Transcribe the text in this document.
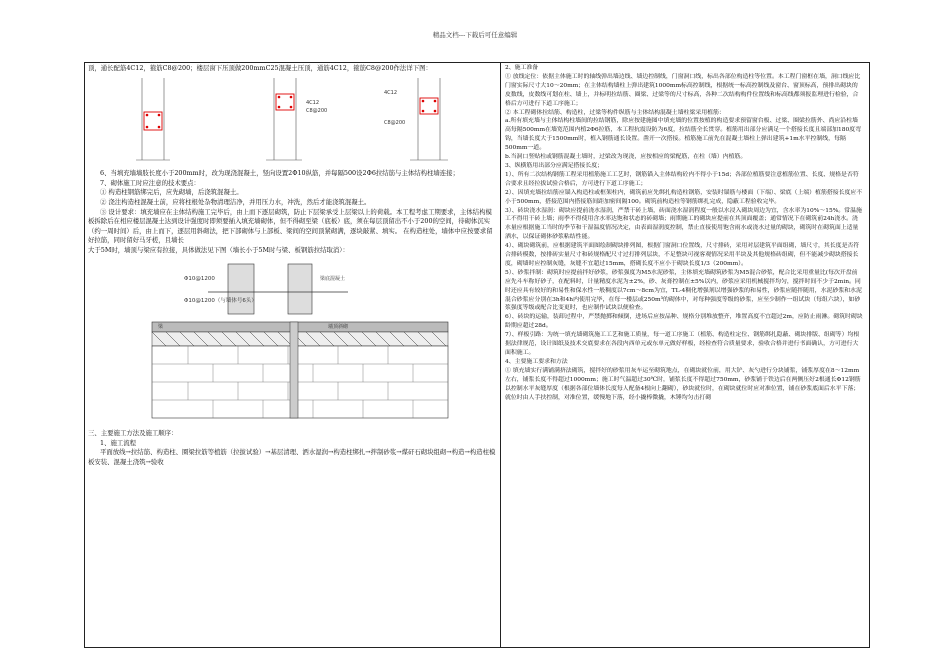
精品文档---下载后可任意编辑

顶，通长配筋4C12，箍筋C8@200；楼层窗下压顶做200mmC25混凝土压顶，通筋4C12，箍筋C8@200作法详下图：

4C12
C8@200
4C12
C8@200

6、当填充墙墙肢长度小于200mm时，改为现浇混凝土，竖向设置2Φ10纵筋，并每隔500设2Φ6拉结筋与主体结构柱墙连接；

7、砌体施工时应注意的技术要点：

① 构造柱钢筋绑完后，应先砌墙，后浇筑混凝土。

② 浇注构造柱混凝土前，应将柱根处杂物清理洁净，并用压力水，冲洗，然后才能浇筑混凝土。

③ 设计要求：填充墙应在主体结构施工完毕后，由上而下逐层砌筑，防止下层梁承受上层梁以上的荷载。本工程考虑工期要求，主体结构模板拆除后在相应楼层混凝土达到设计强度时即须要插入填充墙砌体，但不得砌至梁（底板）底，须在每层顶留出不小于200的空间，待砌体沉实（约一周时间）后，由上而下，逐层用斜砌法，把下部砌体与上部板、梁间的空间顶紧砌满，逐块敲紧、填实。 在构造柱处，墙体中应按要求留好拉筋，同时留好马牙槎，且墙长

大于5M时，墙顶与梁应有拉接，具体做法见下图（墙长小于5M时与梁、板钢筋拉结取消）：

Φ10@1200
Φ10@1200（与墙体号6头）
梁底混凝土
梁	墙顶斜砌

三、主要施工方法及施工顺序：

1、施工流程

平面放线→拉结筋、构造柱、圈梁拉筋等植筋（拉拔试验）→基层清理、洒水湿润→构造柱绑扎→拌制砂浆→煤矸石砌块组砌→构造→构造柱模板安装、混凝土浇筑→验收

2、施工准备

① 放线定位：依据主体施工时的轴线弹出墙边线、墙边控制线，门窗洞口线，标出各部位构造柱等位置。本工程门窗框在墙，洞口线应比门窗实际尺寸大10～20mm；在主体结构墙柱上弹出建筑1000mm标高控制线，根据统一标高控制线及窗台、窗顶标高，预排出砌块的皮数线，皮数线可划在柱、墙上，并标明拉结筋、圈梁、过梁等的尺寸标高，各种二次结构构件位置线和标高线都须报监理进行检验，合格后方可进行下道工序施工；

② 本工程砌体拉结筋、构造柱，过梁等构件纵筋与主体结构混凝土墙柱梁采用植筋：

a.所有填充墙与主体结构柱墙间的拉结钢筋，除应按建施图中填充墙的位置按植的构造要求预留窗台板、过梁、圈梁拉筋外、尚应沿柱墙高每隔500mm在墙宽范围内植2Φ6拉筋，本工程抗震设防为6度，拉结筋全长贯穿。植筋用出部分应满足一个搭接长度且端部加180度弯钩，当墙长度大于1500mm时，植入钢筋通长设置。凿开一次搭接。植筋施工前先在混凝土墙柱上弹出建筑+1m水平控制线，每隔500mm一道。

b.当洞口竖贴柱或钢筋混凝土墙时，过梁改为现浇，应按相应的梁配筋，在柱（墙）内植筋。

3、纵横筋用出部分应满足搭接长度；

1）、所有二次结构钢筋工程采用植筋施工工艺时，钢筋锚入主体结构砼内不得小于15d；各部位植筋要注意植筋位置、长度、规格是否符合要求且经拉拔试验合格后，方可进行下道工序施工；

2）、因填充墙拉结筋应锚入构造柱或框架柱内，砌筑前应先绑扎构造柱钢筋，安装时锚筋与楼面（下端）、梁底（上端）植筋搭接长度应不小于500mm，搭接范围内搭接筋间距加密间隔100。砌筑前构造柱等钢筋绑扎完成，隐蔽工程验收完毕。

3）、砖块浇水湿润：砌块应提前浇水湿润，严禁干砖上墙，砖面浇水湿润程度一般以水浸入砌块周边为宜，含水率为10%～15%。常温施工不得用干砖上墙；雨季不得使用含水率达饱和状态的砖砌墙；雨期施工的砌块应提前在其顶面覆盖；通常情况下在砌筑前24h浇水。浇水量应根据施工当时的季节和干湿温度情况决定，由表面湿润度控制，禁止直接使用饱含雨水或浇水过量的砌块，砌筑时在砌筑面上适量洒水，以保证砌体砂浆粘结性能。

4）、砌块砌筑前，应根据建筑平面图绘制砌块排列图，根据门窗洞口位置线，尺寸排砖，采用对层建筑平面组砌，墙尺寸，其长度是否符合排砖模数，按排砖实量尺寸和砖规格配尺寸过打排列层块，不足整块可视客观情况采用半块及其他规格砖组砌，但不能减少砌块搭接长度，砌墙时应控制灰缝，灰缝不宜超过15mm，搭砌长度不应小于砌块长度1/3（200mm）。

5）、砂浆拌制：砌筑时应提前拌好砂浆，砂浆强度为M5水泥砂浆，主体填充墙砌筑砂浆为M5混合砂浆，配合比采用重量比(每次开盘前应先斗车称好砂子，在配料时，计量精度水泥为±2%，砂、灰膏控制在±5%以内，砂浆应采用机械搅拌均匀，搅拌时间不少于2min。同时还应具有较好的和易性和保水性一般稠度以7cm～8cm为宜，TL-4稠化增强剂以增强砂浆的和易性，砂浆应随拌随用，水泥砂浆和水泥混合砂浆应分别在3h和4h内使用完毕，在每一楼层或250m³的砌体中，对每种强度等级的砂浆，应至少制作一组试块（每组六块），如砂浆强度等级或配合比变更时，也应制作试块以便检查。

6）、砖块的运输，装卸过程中，严禁抛掷和倾倒，进场后应按品种、规格分别堆放整齐，堆置高度不宜超过2m，应防止雨淋。砌筑时砌块龄期应超过28d。

7）、样板引路：为统一填充墙砌筑施工工艺和施工质量，每一道工序施工（植筋、构造柱定位、钢筋绑扎隐蔽、砌块排版、组砌等）均根据法律规范，设计图纸及技术交底要求在各段内西单元或东单元做好样板，经检查符合质量要求，验收合格并进行书面确认，方可进行大面积施工。

4、主要施工要求和方法

① 填充墙实行满铺满挤法砌筑，搅拌好的砂浆用灰车运至砌筑地点，在砌块就位前，用大铲、灰勺进行分块铺浆，铺浆厚度在8～12mm左右，铺浆长度不得超过1000mm；施工时气温超过30℃时，铺浆长度不得超过750mm，砂浆铺于铁边后在两侧压好2根通长Φ12钢筋以控制水平灰缝厚度（根据各部位墙体长度每人配备4根向上翻砌），砂块就位时，在砌块就位时应对准位置，铺在砂浆底面后水平下落；就位时由人手扶控制，对准位置，缓慢地下落，经小撬棒微撬，木锤均匀击打砌
